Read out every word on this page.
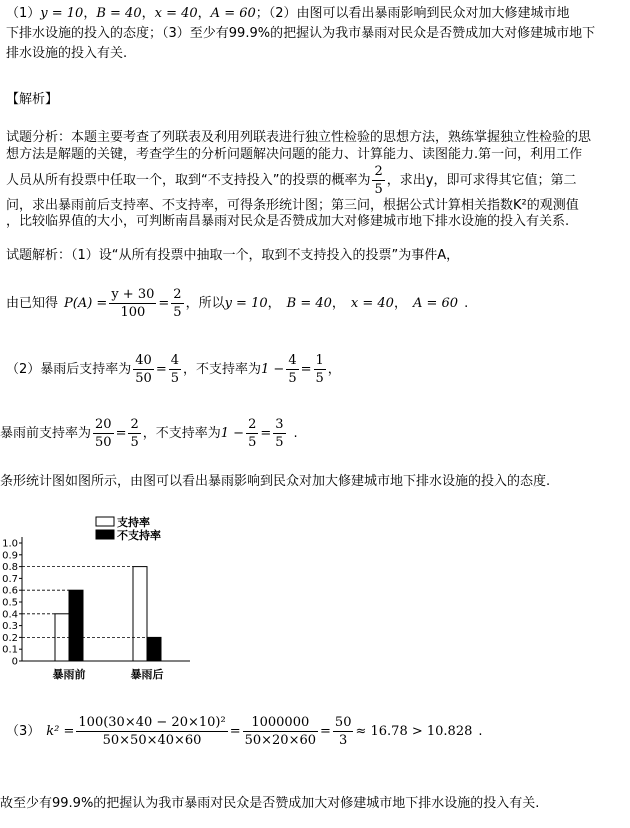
（1） y = 10 ， B = 40 ， x = 40 ， A = 60 ；（2）由图可以看出暴雨影响到民众对加大修建城市地
下排水设施的投入的态度；（3）至少有99.9%的把握认为我市暴雨对民众是否赞成加大对修建城市地下
排水设施的投入有关.
【解析】
试题分析：本题主要考查了列联表及利用列联表进行独立性检验的思想方法，熟练掌握独立性检验的思
想方法是解题的关键，考查学生的分析问题解决问题的能力、计算能力、读图能力.第一问，利用工作
人员从所有投票中任取一个，取到“不支持投入”的投票的概率为 $\frac{2}{5}$ ，求出y，即可求得其它值；第二
问，求出暴雨前后支持率、不支持率，可得条形统计图；第三问，根据公式计算相关指数K²的观测值
，比较临界值的大小，可判断南昌暴雨对民众是否赞成加大对修建城市地下排水设施的投入有关系.
试题解析：（1）设“从所有投票中抽取一个，取到不支持投入的投票”为事件A，
由已知得 $P(A) = \frac{y + 30}{100} = \frac{2}{5}$ ，所以 y = 10 ， B = 40 ， x = 40 ， A = 60 .
（2）暴雨后支持率为 $\frac{40}{50} = \frac{4}{5}$ ，不支持率为 $1 - \frac{4}{5} = \frac{1}{5}$ ，
暴雨前支持率为 $\frac{20}{50} = \frac{2}{5}$ ，不支持率为 $1 - \frac{2}{5} = \frac{3}{5}$ .
条形统计图如图所示，由图可以看出暴雨影响到民众对加大修建城市地下排水设施的投入的态度.
0
0.1
0.2
0.3
0.4
0.5
0.6
0.7
0.8
0.9
1.0
暴雨前	暴雨后
支持率
不支持率
（3） $k^2 = \frac{\text{100(30×40 − 20×10)²}}{50\times 50\times 40\times 60} = \frac{1000000}{50\times 20\times 60} = \frac{50}{3} \approx 16.78 > 10.828$ .
故至少有99.9%的把握认为我市暴雨对民众是否赞成加大对修建城市地下排水设施的投入有关.
